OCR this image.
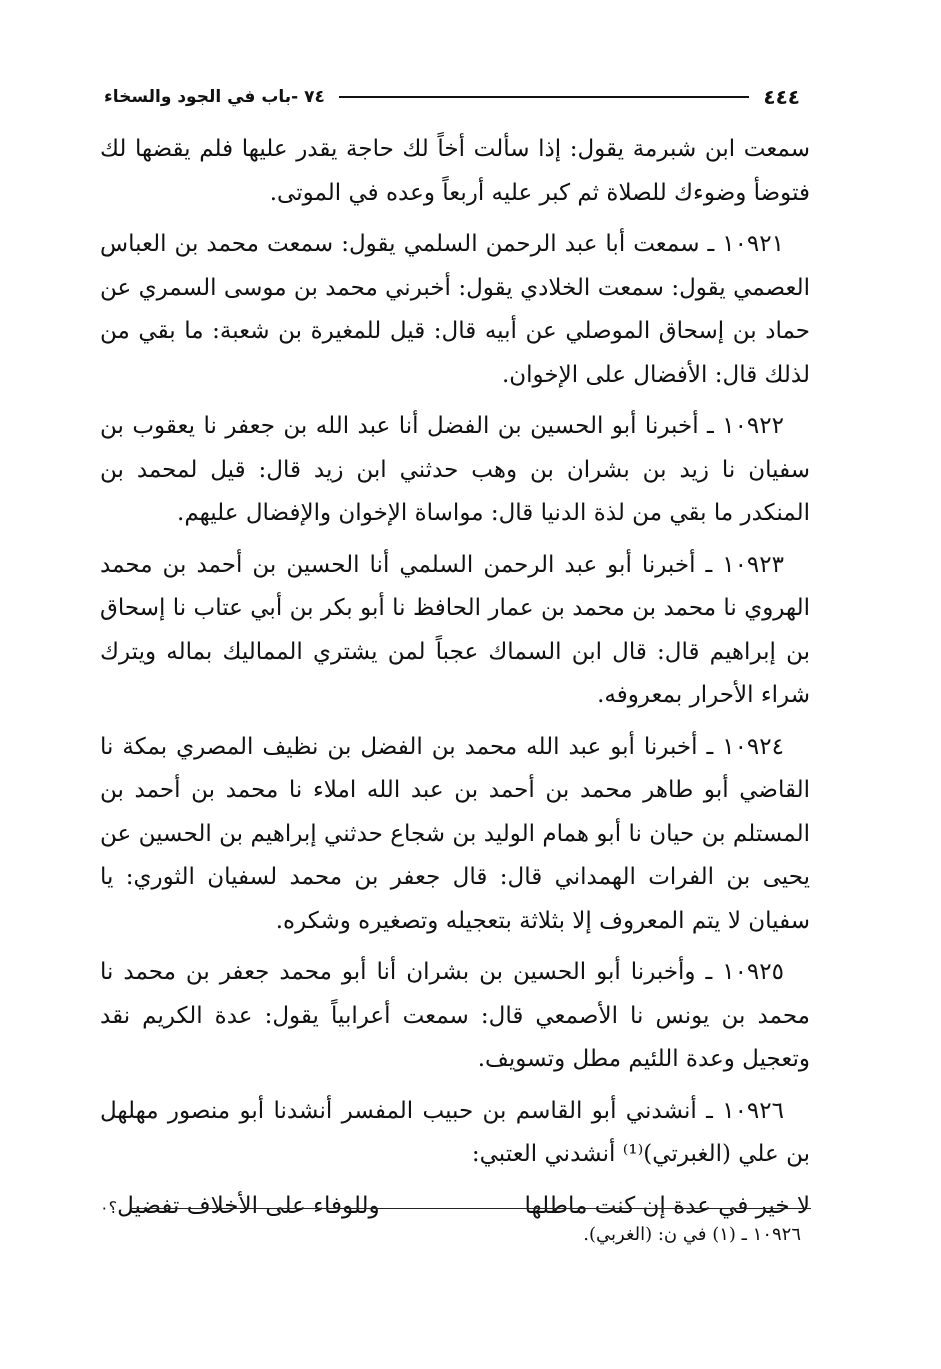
٤٤٤
٧٤ -باب في الجود والسخاء

سمعت ابن شبرمة يقول: إذا سألت أخاً لك حاجة يقدر عليها فلم يقضها لك فتوضأ وضوءك للصلاة ثم كبر عليه أربعاً وعده في الموتى.

١٠٩٢١ ـ سمعت أبا عبد الرحمن السلمي يقول: سمعت محمد بن العباس العصمي يقول: سمعت الخلادي يقول: أخبرني محمد بن موسى السمري عن حماد بن إسحاق الموصلي عن أبيه قال: قيل للمغيرة بن شعبة: ما بقي من لذلك قال: الأفضال على الإخوان.

١٠٩٢٢ ـ أخبرنا أبو الحسين بن الفضل أنا عبد الله بن جعفر نا يعقوب بن سفيان نا زيد بن بشران بن وهب حدثني ابن زيد قال: قيل لمحمد بن المنكدر ما بقي من لذة الدنيا قال: مواساة الإخوان والإفضال عليهم.

١٠٩٢٣ ـ أخبرنا أبو عبد الرحمن السلمي أنا الحسين بن أحمد بن محمد الهروي نا محمد بن محمد بن عمار الحافظ نا أبو بكر بن أبي عتاب نا إسحاق بن إبراهيم قال: قال ابن السماك عجباً لمن يشتري المماليك بماله ويترك شراء الأحرار بمعروفه.

١٠٩٢٤ ـ أخبرنا أبو عبد الله محمد بن الفضل بن نظيف المصري بمكة نا القاضي أبو طاهر محمد بن أحمد بن عبد الله املاء نا محمد بن أحمد بن المستلم بن حيان نا أبو همام الوليد بن شجاع حدثني إبراهيم بن الحسين عن يحيى بن الفرات الهمداني قال: قال جعفر بن محمد لسفيان الثوري: يا سفيان لا يتم المعروف إلا بثلاثة بتعجيله وتصغيره وشكره.

١٠٩٢٥ ـ وأخبرنا أبو الحسين بن بشران أنا أبو محمد جعفر بن محمد نا محمد بن يونس نا الأصمعي قال: سمعت أعرابياً يقول: عدة الكريم نقد وتعجيل وعدة اللئيم مطل وتسويف.

١٠٩٢٦ ـ أنشدني أبو القاسم بن حبيب المفسر أنشدنا أبو منصور مهلهل بن علي (الغبرتي)⁽¹⁾ أنشدني العتبي:

لا خير في عدة إن كنت ماطلها
وللوفاء على الأخلاف تفضيل؟٠
١٠٩٢٦ ـ (١) في ن: (الغربي).
